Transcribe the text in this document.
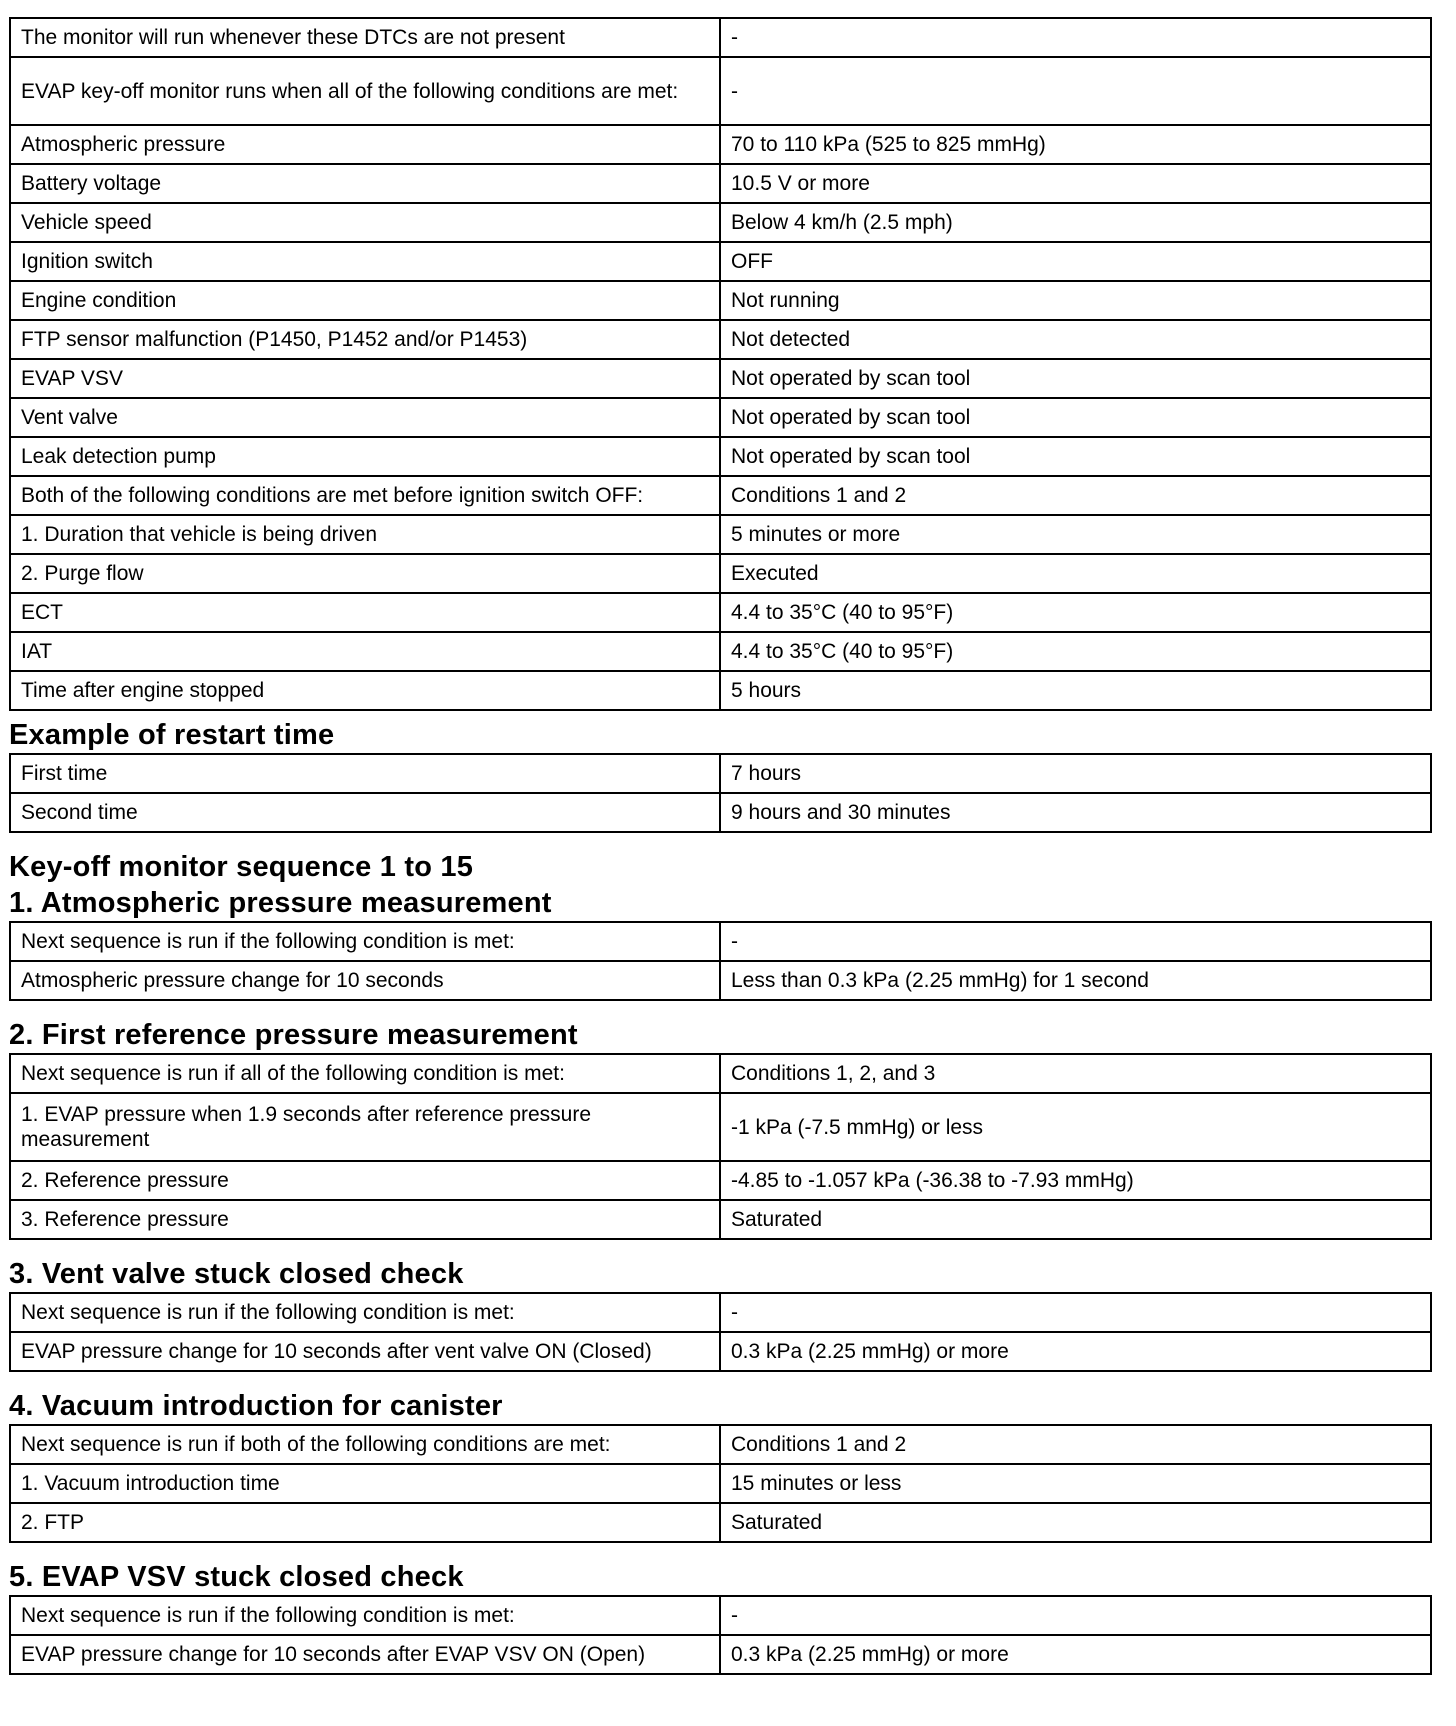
The monitor will run whenever these DTCs are not present	-
EVAP key-off monitor runs when all of the following conditions are met:	-
Atmospheric pressure	70 to 110 kPa (525 to 825 mmHg)
Battery voltage	10.5 V or more
Vehicle speed	Below 4 km/h (2.5 mph)
Ignition switch	OFF
Engine condition	Not running
FTP sensor malfunction (P1450, P1452 and/or P1453)	Not detected
EVAP VSV	Not operated by scan tool
Vent valve	Not operated by scan tool
Leak detection pump	Not operated by scan tool
Both of the following conditions are met before ignition switch OFF:	Conditions 1 and 2
1. Duration that vehicle is being driven	5 minutes or more
2. Purge flow	Executed
ECT	4.4 to 35°C (40 to 95°F)
IAT	4.4 to 35°C (40 to 95°F)
Time after engine stopped	5 hours
Example of restart time
First time	7 hours
Second time	9 hours and 30 minutes
Key-off monitor sequence 1 to 15
1. Atmospheric pressure measurement
Next sequence is run if the following condition is met:	-
Atmospheric pressure change for 10 seconds	Less than 0.3 kPa (2.25 mmHg) for 1 second
2. First reference pressure measurement
Next sequence is run if all of the following condition is met:	Conditions 1, 2, and 3
1. EVAP pressure when 1.9 seconds after reference pressure measurement	-1 kPa (-7.5 mmHg) or less
2. Reference pressure	-4.85 to -1.057 kPa (-36.38 to -7.93 mmHg)
3. Reference pressure	Saturated
3. Vent valve stuck closed check
Next sequence is run if the following condition is met:	-
EVAP pressure change for 10 seconds after vent valve ON (Closed)	0.3 kPa (2.25 mmHg) or more
4. Vacuum introduction for canister
Next sequence is run if both of the following conditions are met:	Conditions 1 and 2
1. Vacuum introduction time	15 minutes or less
2. FTP	Saturated
5. EVAP VSV stuck closed check
Next sequence is run if the following condition is met:	-
EVAP pressure change for 10 seconds after EVAP VSV ON (Open)	0.3 kPa (2.25 mmHg) or more
